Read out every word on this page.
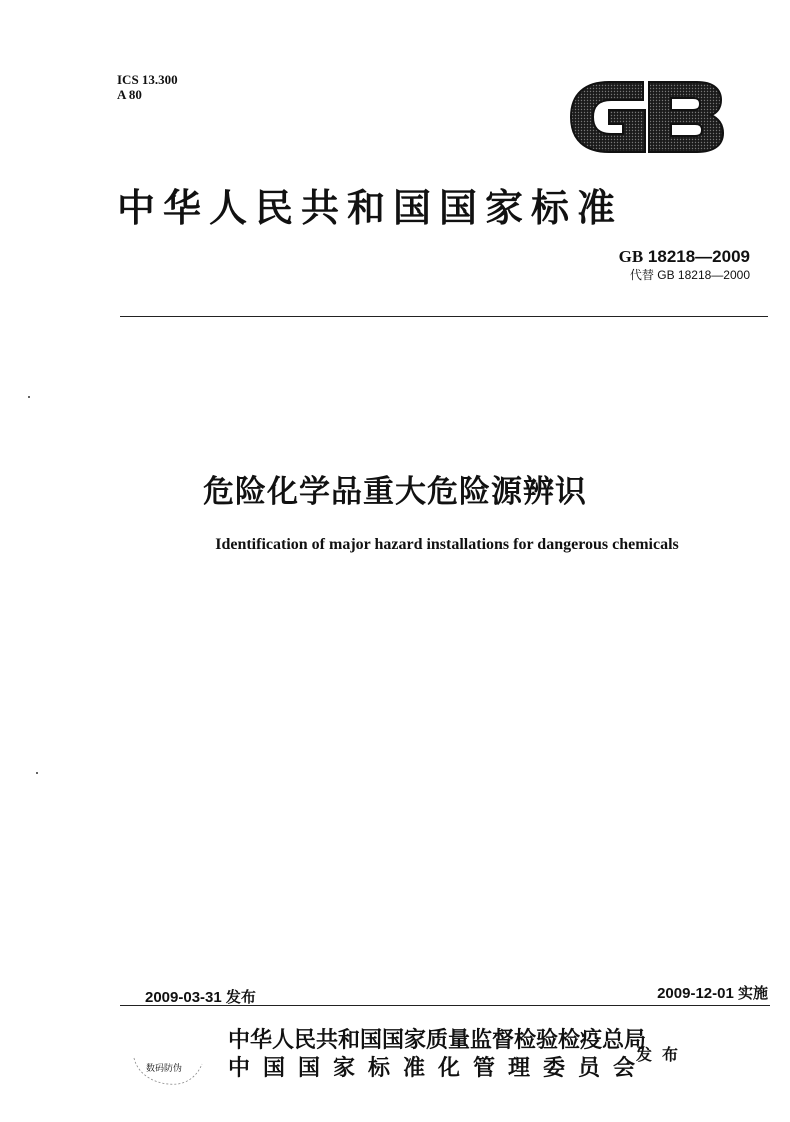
ICS 13.300
A 80
中华人民共和国国家标准
GB 18218—2009
代替 GB 18218—2000
危险化学品重大危险源辨识
Identification of major hazard installations for dangerous chemicals
2009-03-31 发布	2009-12-01 实施
数码防伪
中华人民共和国国家质量监督检验检疫总局
中国国家标准化管理委员会
发布
